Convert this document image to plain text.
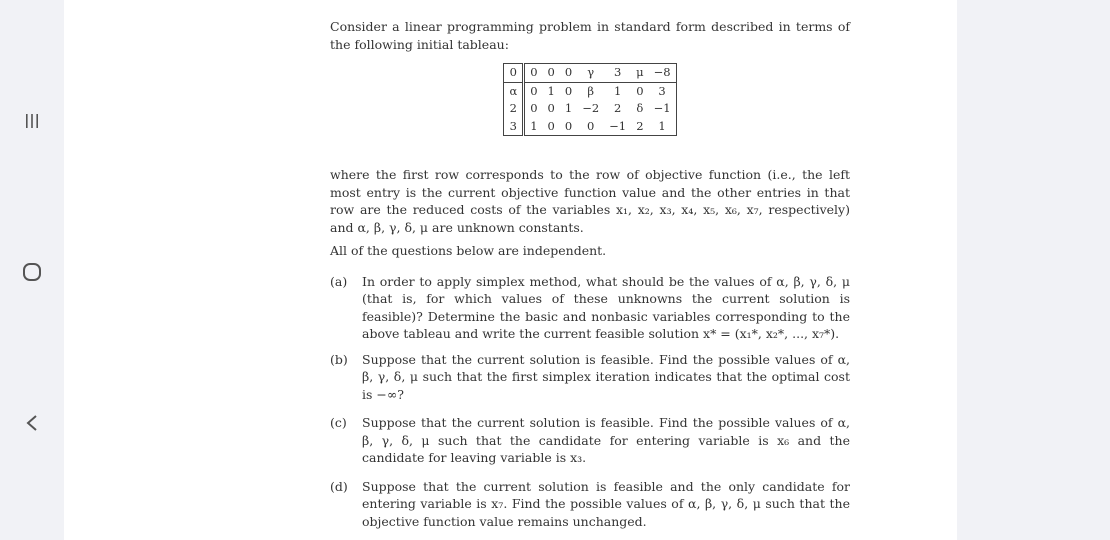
Consider a linear programming problem in standard form described in terms of the following initial tableau:

0	0	0	0	γ	3	μ	−8
α	0	1	0	β	1	0	3
2	0	0	1	−2	2	δ	−1
3	1	0	0	0	−1	2	1

where the first row corresponds to the row of objective function (i.e., the left most entry is the current objective function value and the other entries in that row are the reduced costs of the variables x₁, x₂, x₃, x₄, x₅, x₆, x₇, respectively) and α, β, γ, δ, μ are unknown constants.

All of the questions below are independent.

(a)	In order to apply simplex method, what should be the values of α, β, γ, δ, μ (that is, for which values of these unknowns the current solution is feasible)? Determine the basic and nonbasic variables corresponding to the above tableau and write the current feasible solution x* = (x₁*, x₂*, ..., x₇*).
(b)	Suppose that the current solution is feasible. Find the possible values of α, β, γ, δ, μ such that the first simplex iteration indicates that the optimal cost is −∞?
(c)	Suppose that the current solution is feasible. Find the possible values of α, β, γ, δ, μ such that the candidate for entering variable is x₆ and the candidate for leaving variable is x₃.
(d)	Suppose that the current solution is feasible and the only candidate for entering variable is x₇. Find the possible values of α, β, γ, δ, μ such that the objective function value remains unchanged.
